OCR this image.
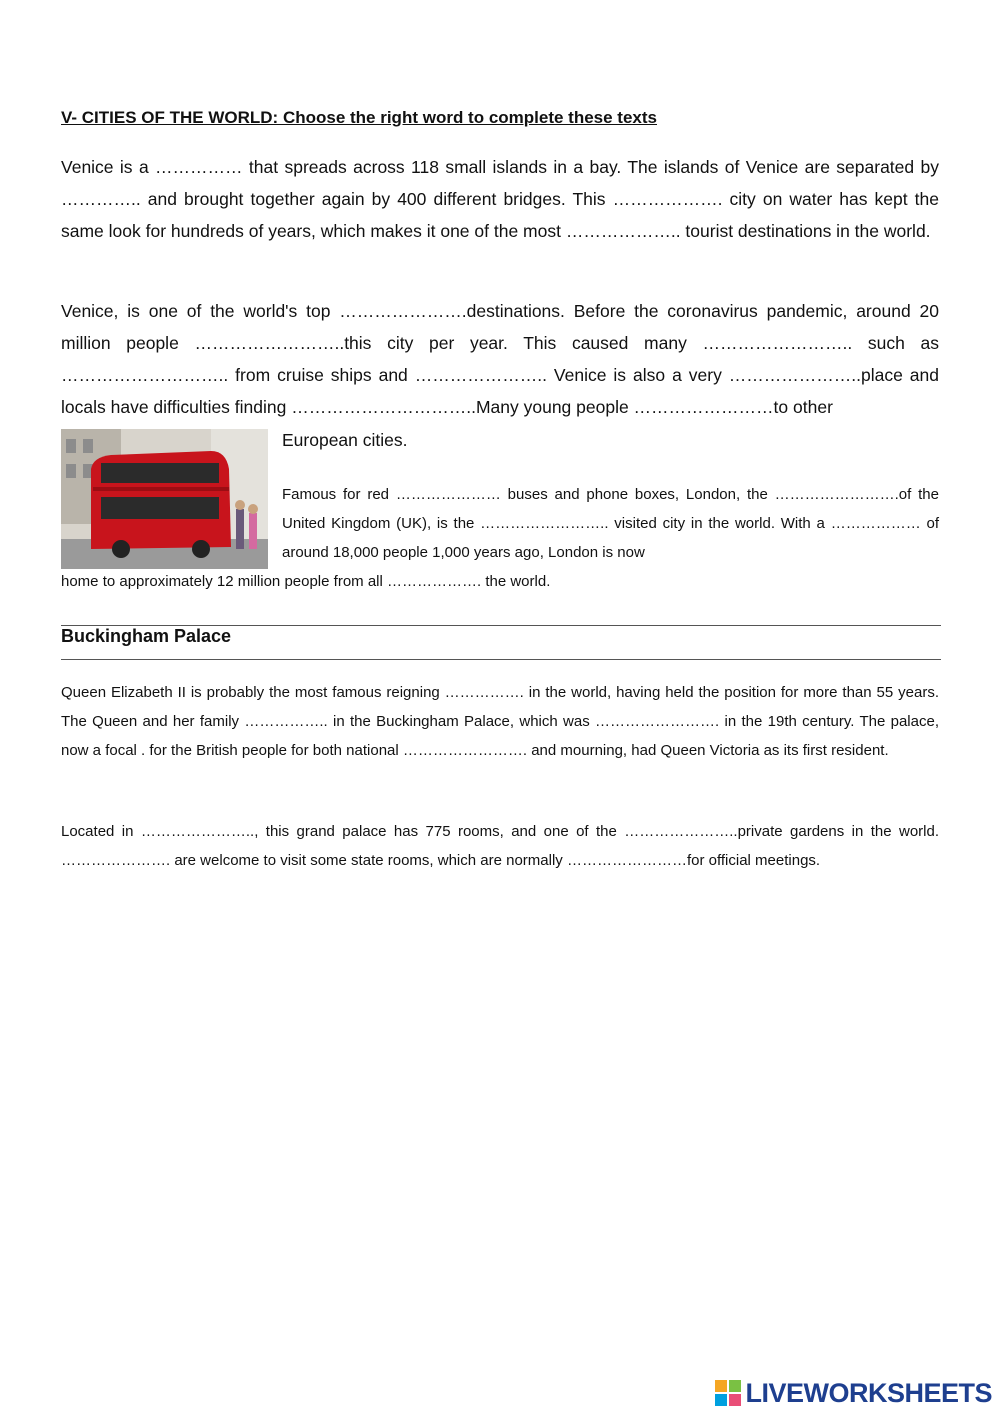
V- CITIES OF THE WORLD: Choose the right word to complete these texts

Venice is a …………… that spreads across 118 small islands in a bay. The islands of Venice are separated by ………….. and brought together again by 400 different bridges. This ………………. city on water has kept the same look for hundreds of years, which makes it one of the most ……………….. tourist destinations in the world.

Venice, is one of the world's top ………………….destinations. Before the coronavirus pandemic, around 20 million people ……………………..this city per year. This caused many …………………….. such as ……………………….. from cruise ships and ………………….. Venice is also a very …………………..place and locals have difficulties finding …………………………..Many young people ……………………to other

European cities.

Famous for red ………………… buses and phone boxes, London, the …………………….of the United Kingdom (UK), is the …………………….. visited city in the world. With a ……………… of around 18,000 people 1,000 years ago, London is now

home to approximately 12 million people from all ………………. the world.
Buckingham Palace

Queen Elizabeth II is probably the most famous reigning ……………. in the world, having held the position for more than 55 years. The Queen and her family …………….. in the Buckingham Palace, which was ……………………. in the 19th century. The palace, now a focal . for the British people for both national ……………………. and mourning, had Queen Victoria as its first resident.

Located in ………………….., this grand palace has 775 rooms, and one of the …………………..private gardens in the world. …………………. are welcome to visit some state rooms, which are normally ……………………for official meetings.

LIVEWORKSHEETS
